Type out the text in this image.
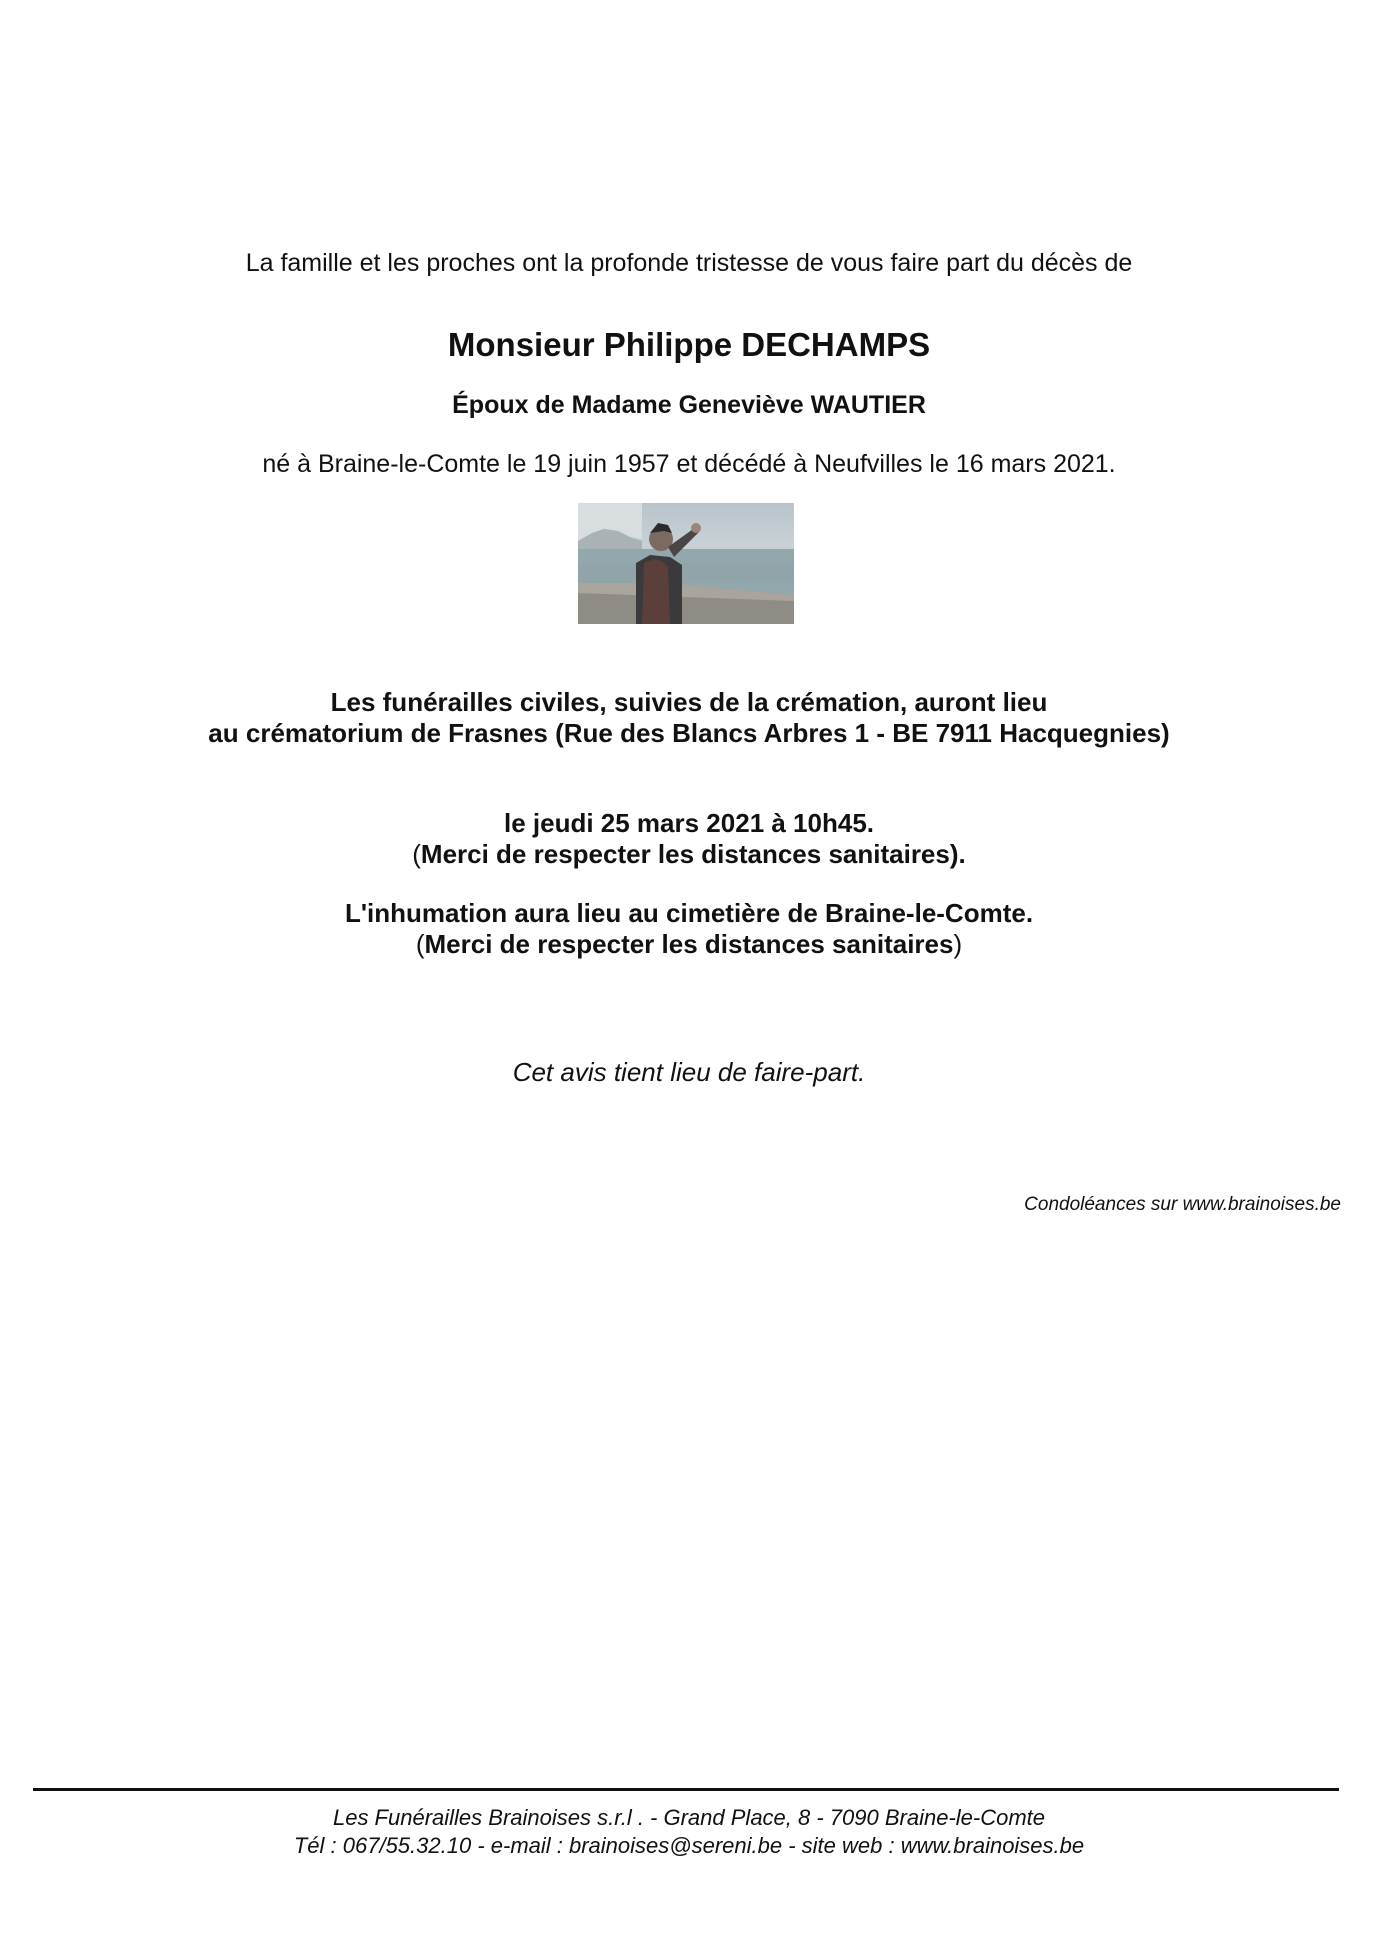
La famille et les proches ont la profonde tristesse de vous faire part du décès de
Monsieur Philippe DECHAMPS
Époux de Madame Geneviève WAUTIER
né à Braine-le-Comte le 19 juin 1957 et décédé à Neufvilles le 16 mars 2021.
Les funérailles civiles, suivies de la crémation, auront lieu
au crématorium de Frasnes (Rue des Blancs Arbres 1 - BE 7911 Hacquegnies)
le jeudi 25 mars 2021 à 10h45.
(Merci de respecter les distances sanitaires).
L'inhumation aura lieu au cimetière de Braine-le-Comte.
(Merci de respecter les distances sanitaires)
Cet avis tient lieu de faire-part.
Condoléances sur www.brainoises.be
Les Funérailles Brainoises s.r.l . - Grand Place, 8 - 7090 Braine-le-Comte
Tél : 067/55.32.10 - e-mail : brainoises@sereni.be - site web : www.brainoises.be
